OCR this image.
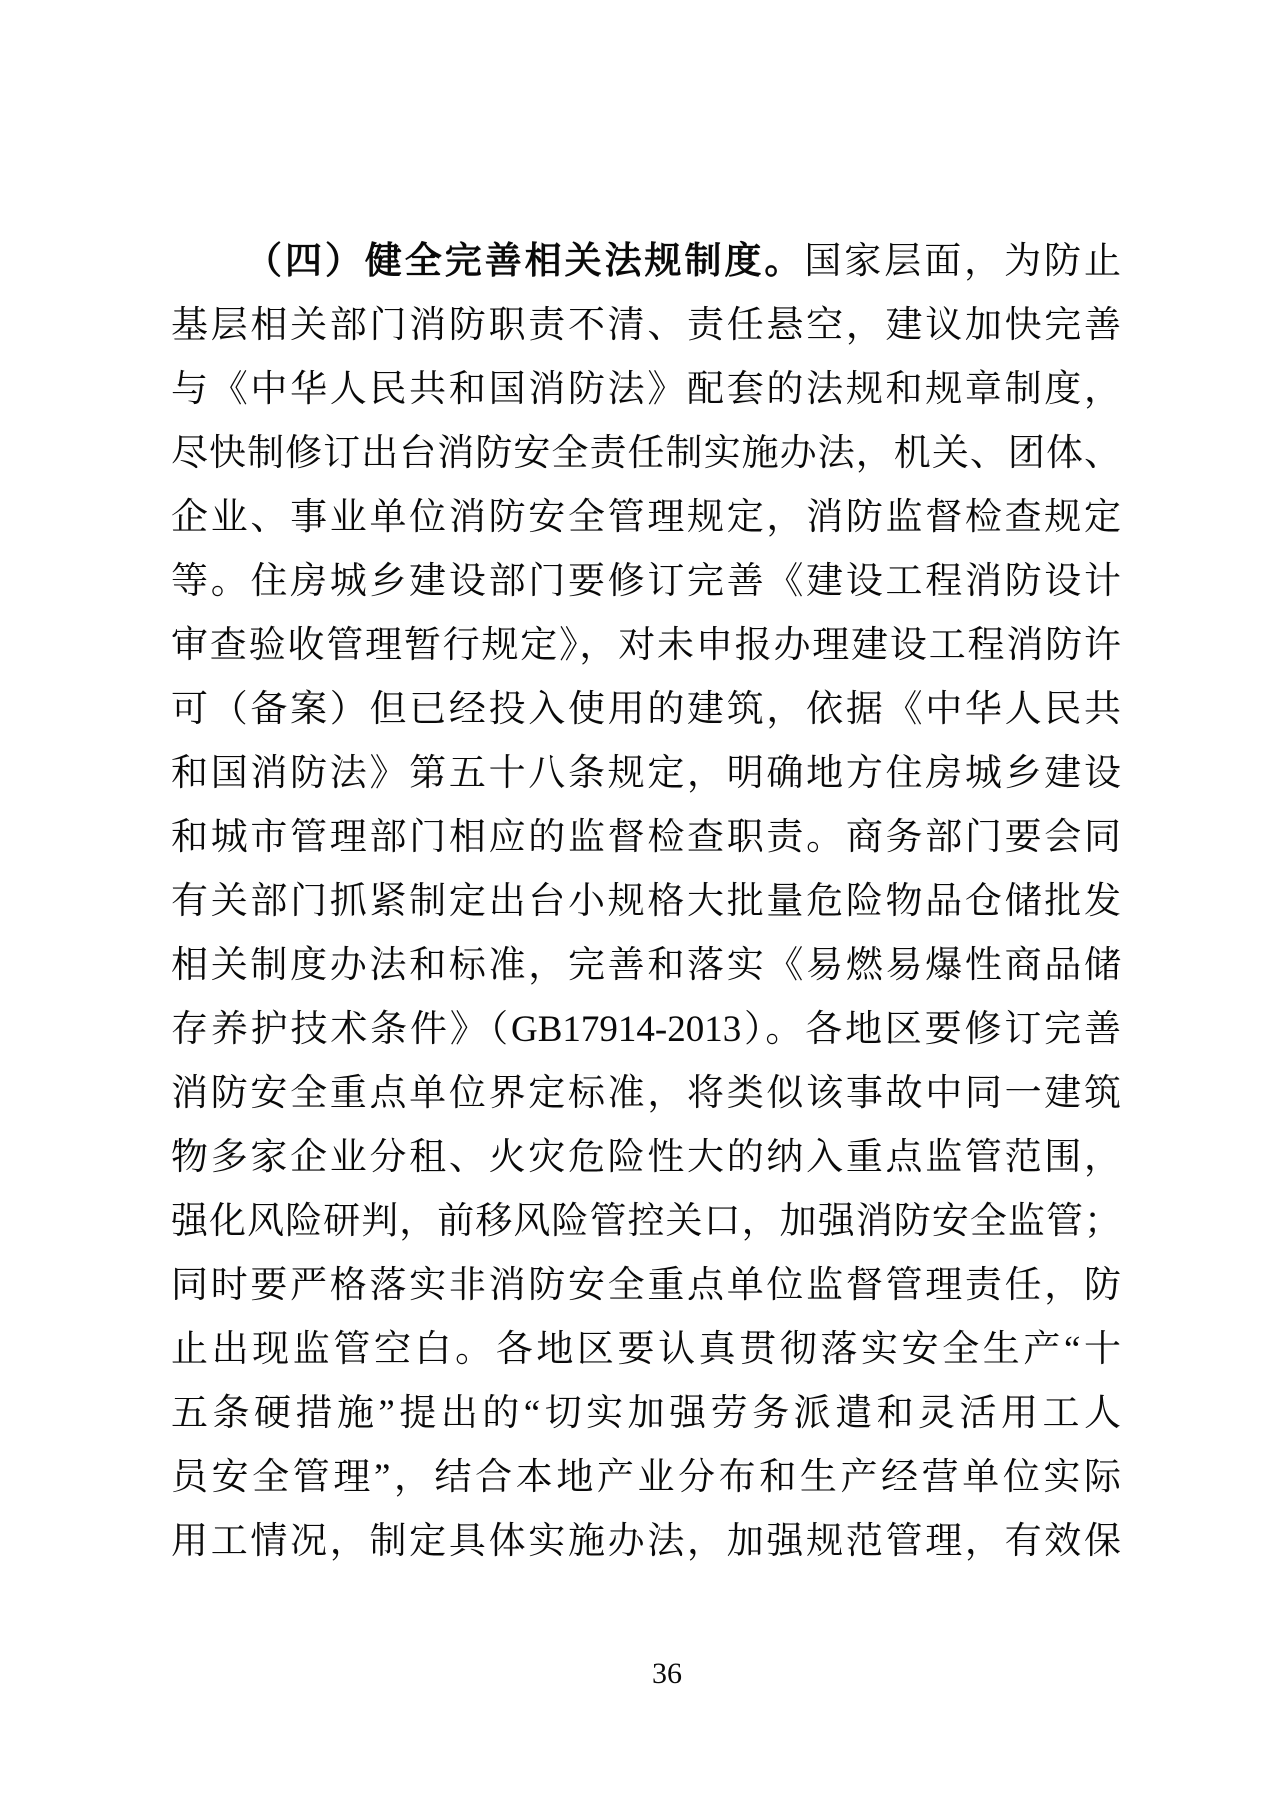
（四）健全完善相关法规制度。国家层面，为防止
基层相关部门消防职责不清、责任悬空，建议加快完善
与《中华人民共和国消防法》配套的法规和规章制度，
尽快制修订出台消防安全责任制实施办法，机关、团体、
企业、事业单位消防安全管理规定，消防监督检查规定
等。住房城乡建设部门要修订完善《建设工程消防设计
审查验收管理暂行规定》，对未申报办理建设工程消防许
可（备案）但已经投入使用的建筑，依据《中华人民共
和国消防法》第五十八条规定，明确地方住房城乡建设
和城市管理部门相应的监督检查职责。商务部门要会同
有关部门抓紧制定出台小规格大批量危险物品仓储批发
相关制度办法和标准，完善和落实《易燃易爆性商品储
存养护技术条件》（GB17914-2013）。各地区要修订完善
消防安全重点单位界定标准，将类似该事故中同一建筑
物多家企业分租、火灾危险性大的纳入重点监管范围，
强化风险研判，前移风险管控关口，加强消防安全监管；
同时要严格落实非消防安全重点单位监督管理责任，防
止出现监管空白。各地区要认真贯彻落实安全生产“十
五条硬措施”提出的“切实加强劳务派遣和灵活用工人
员安全管理”，结合本地产业分布和生产经营单位实际
用工情况，制定具体实施办法，加强规范管理，有效保
36
